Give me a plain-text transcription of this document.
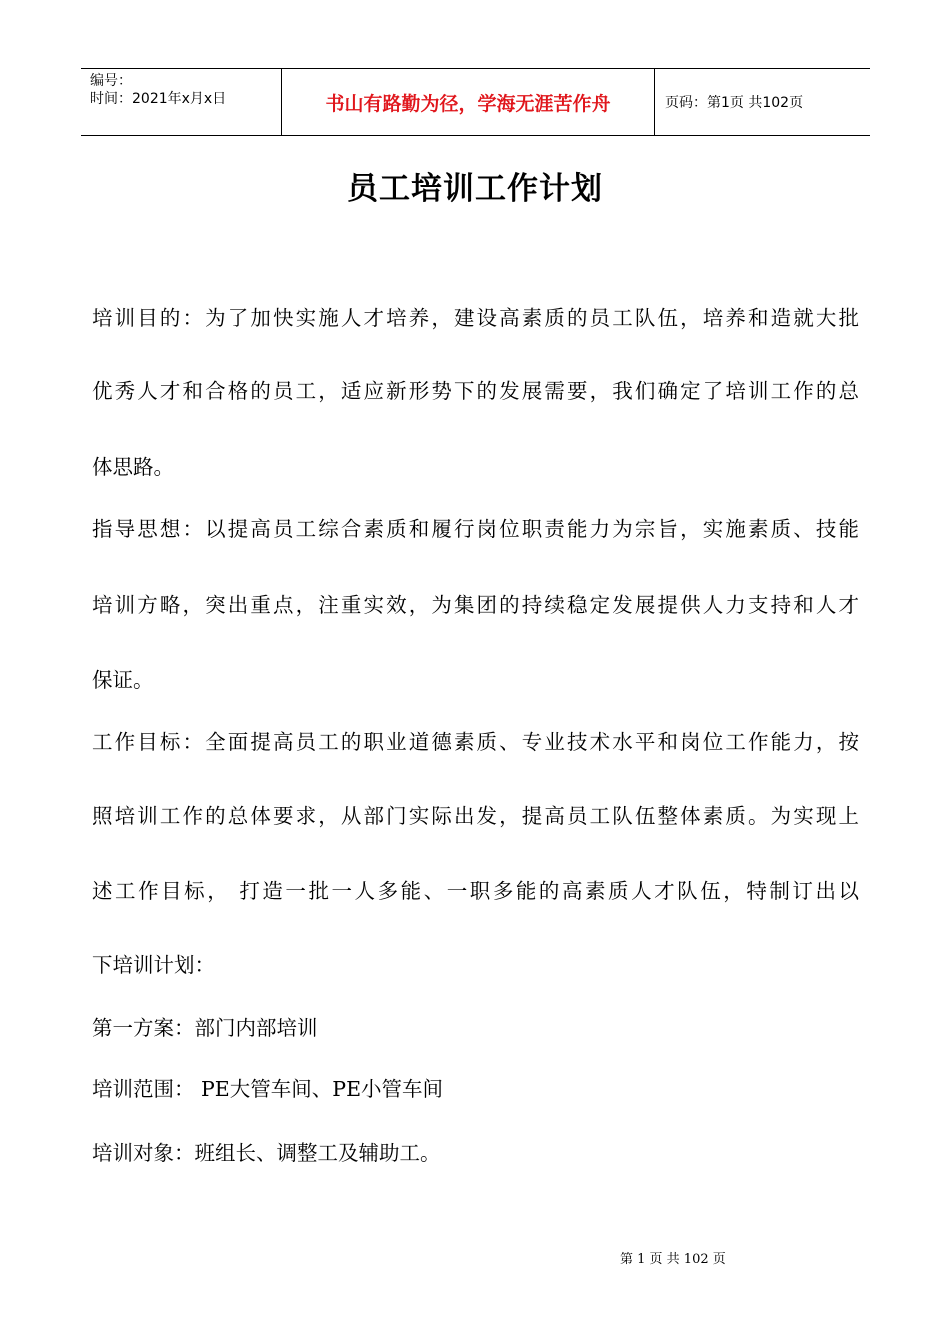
编号：
时间：2021年x月x日	书山有路勤为径，学海无涯苦作舟	页码：第1页 共102页
员工培训工作计划
培训目的：为了加快实施人才培养，建设高素质的员工队伍，培养和造就大批
优秀人才和合格的员工，适应新形势下的发展需要，我们确定了培训工作的总
体思路。
指导思想：以提高员工综合素质和履行岗位职责能力为宗旨，实施素质、技能
培训方略，突出重点，注重实效，为集团的持续稳定发展提供人力支持和人才
保证。
工作目标：全面提高员工的职业道德素质、专业技术水平和岗位工作能力，按
照培训工作的总体要求，从部门实际出发，提高员工队伍整体素质。为实现上
述工作目标， 打造一批一人多能、一职多能的高素质人才队伍，特制订出以
下培训计划：
第一方案：部门内部培训
培训范围： PE大管车间、PE小管车间
培训对象：班组长、调整工及辅助工。
第 1 页 共 102 页
